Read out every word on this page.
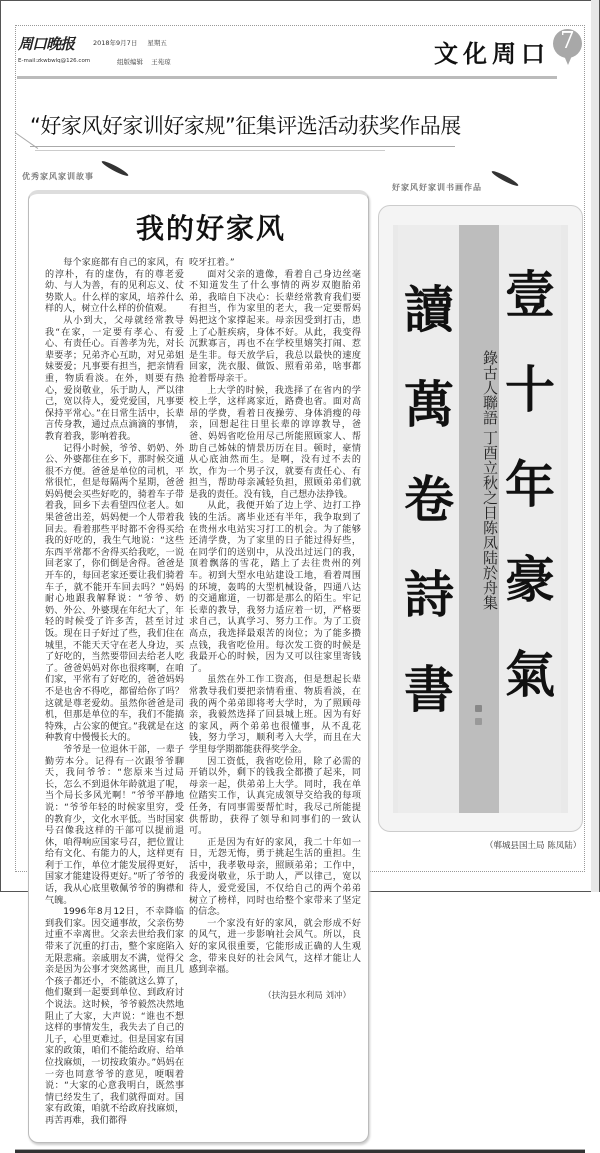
周口晚报	2018年9月7日 星期五
E-mail:zkwbwlq@126.com	组版编辑 王苑琼	文化周口 7
“好家风好家训好家规”征集评选活动获奖作品展
优秀家风家训故事
好家风好家训书画作品
我的好家风

每个家庭都有自己的家风，有的淳朴，有的虚伪，有的尊老爱幼、与人为善，有的见利忘义、仗势欺人。什么样的家风，培养什么样的人，树立什么样的价值观。

从小到大，父母就经常教导我“在家，一定要有孝心、有爱心、有责任心。百善孝为先，对长辈要孝；兄弟齐心互助，对兄弟姐妹要爱；凡事要有担当，把亲情看重，物质看淡。在外，则要有热心，爱岗敬业，乐于助人，严以律己，宽以待人，爱党爱国，凡事要保持平常心。”在日常生活中，长辈言传身教，通过点点滴滴的事情，教育着我，影响着我。

记得小时候，爷爷、奶奶、外公、外婆都住在乡下，那时候交通很不方便。爸爸是单位的司机，平常很忙，但是每隔两个星期，爸爸妈妈便会买些好吃的，骑着车子带着我，回乡下去看望四位老人。如果爸爸出差，妈妈便一个人带着我回去。看着那些平时都不舍得买给我的好吃的，我生气地说：“这些东西平常都不舍得买给我吃，一说回老家了，你们倒是舍得。爸爸是开车的，每回老家还要让我们骑着车子，就不能开车回去吗？”妈妈耐心地跟我解释说：“爷爷、奶奶、外公、外婆现在年纪大了，年轻的时候受了许多苦，甚至讨过饭。现在日子好过了些，我们住在城里，不能天天守在老人身边，买了好吃的，当然要带回去给老人吃了。爸爸妈妈对你也很疼啊，在咱们家，平常有了好吃的，爸爸妈妈不是也舍不得吃，都留给你了吗？这就是尊老爱幼。虽然你爸爸是司机，但那是单位的车，我们不能搞特殊，占公家的便宜。”我就是在这种教育中慢慢长大的。

爷爷是一位退休干部，一辈子勤劳本分。记得有一次跟爷爷聊天，我问爷爷：“您原来当过局长，怎么不到退休年龄就退了呢，当个局长多风光啊！”爷爷平静地说：“爷爷年轻的时候家里穷，受的教育少，文化水平低。当时国家号召像我这样的干部可以提前退休，咱得响应国家号召，把位置让给有文化、有能力的人，这样更有利于工作，单位才能发展得更好，国家才能建设得更好。”听了爷爷的话，我从心底里敬佩爷爷的胸襟和气魄。

1996年8月12日，不幸降临到我们家。因交通事故，父亲伤势过重不幸离世。父亲去世给我们家带来了沉重的打击，整个家庭陷入无限悲痛。亲戚朋友不满，觉得父亲是因为公事才突然离世，而且几个孩子都还小，不能就这么算了，他们聚到一起要到单位、到政府讨个说法。这时候，爷爷毅然决然地阻止了大家，大声说：“谁也不想这样的事情发生，我失去了自己的儿子，心里更难过。但是国家有国家的政策，咱们不能给政府、给单位找麻烦，一切按政策办。”妈妈在一旁也同意爷爷的意见，哽咽着说：“大家的心意我明白，既然事情已经发生了，我们就得面对。国家有政策，咱就不给政府找麻烦，再苦再难，我们都得

咬牙扛着。”

面对父亲的遗像，看着自己身边丝毫不知道发生了什么事情的两岁双胞胎弟弟，我暗自下决心：长辈经常教育我们要有担当，作为家里的老大，我一定要帮妈妈把这个家撑起来。母亲因受到打击，患上了心脏疾病，身体不好。从此，我变得沉默寡言，再也不在学校里嬉笑打闹、惹是生非。每天放学后，我总以最快的速度回家，洗衣服、做饭、照看弟弟，啥事都抢着帮母亲干。

上大学的时候，我选择了在省内的学校上学，这样离家近，路费也省。面对高昂的学费，看着日夜操劳、身体消瘦的母亲，回想起往日里长辈的谆谆教导，爸爸、妈妈省吃俭用尽己所能照顾家人、帮助自己姊妹的情景历历在目。顿时，豪情从心底油然而生。是啊，没有过不去的坎，作为一个男子汉，就要有责任心、有担当，帮助母亲减轻负担，照顾弟弟们就是我的责任。没有钱，自己想办法挣钱。

从此，我便开始了边上学、边打工挣钱的生活。离毕业还有半年，我争取到了在贵州水电站实习打工的机会。为了能够还清学费，为了家里的日子能过得好些，在同学们的送别中，从没出过远门的我，顶着飘落的雪花，踏上了去往贵州的列车。初到大型水电站建设工地，看着周围的环境，轰鸣的大型机械设备，四通八达的交通廊道，一切都是那么的陌生。牢记长辈的教导，我努力适应着一切，严格要求自己，认真学习、努力工作。为了工资高点，我选择最艰苦的岗位；为了能多攒点钱，我省吃俭用。每次发工资的时候是我最开心的时候，因为又可以往家里寄钱了。

虽然在外工作工资高，但是想起长辈常教导我们要把亲情看重、物质看淡，在我的两个弟弟即将考大学时，为了照顾母亲，我毅然选择了回县城上班。因为有好的家风，两个弟弟也很懂事，从不乱花钱，努力学习，顺利考入大学，而且在大学里每学期都能获得奖学金。

因工资低，我省吃俭用，除了必需的开销以外，剩下的钱我全都攒了起来，同母亲一起，供弟弟上大学。同时，我在单位踏实工作，认真完成领导交给我的每项任务，有同事需要帮忙时，我尽己所能提供帮助，获得了领导和同事们的一致认可。

正是因为有好的家风，我二十年如一日，无怨无悔，勇于挑起生活的重担。生活中，我孝敬母亲，照顾弟弟；工作中，我爱岗敬业，乐于助人，严以律己，宽以待人，爱党爱国，不仅给自己的两个弟弟树立了榜样，同时也给整个家带来了坚定的信念。

一个家没有好的家风，就会形成不好的风气，进一步影响社会风气。所以，良好的家风很重要，它能形成正确的人生观念，带来良好的社会风气，这样才能让人感到幸福。

（扶沟县水利局 刘冲）
壹
十
年
豪
氣
讀
萬
卷
詩
書
錄古人聯語 丁酉立秋之日陈凤陆於舟集
（郸城县国土局 陈凤陆）
